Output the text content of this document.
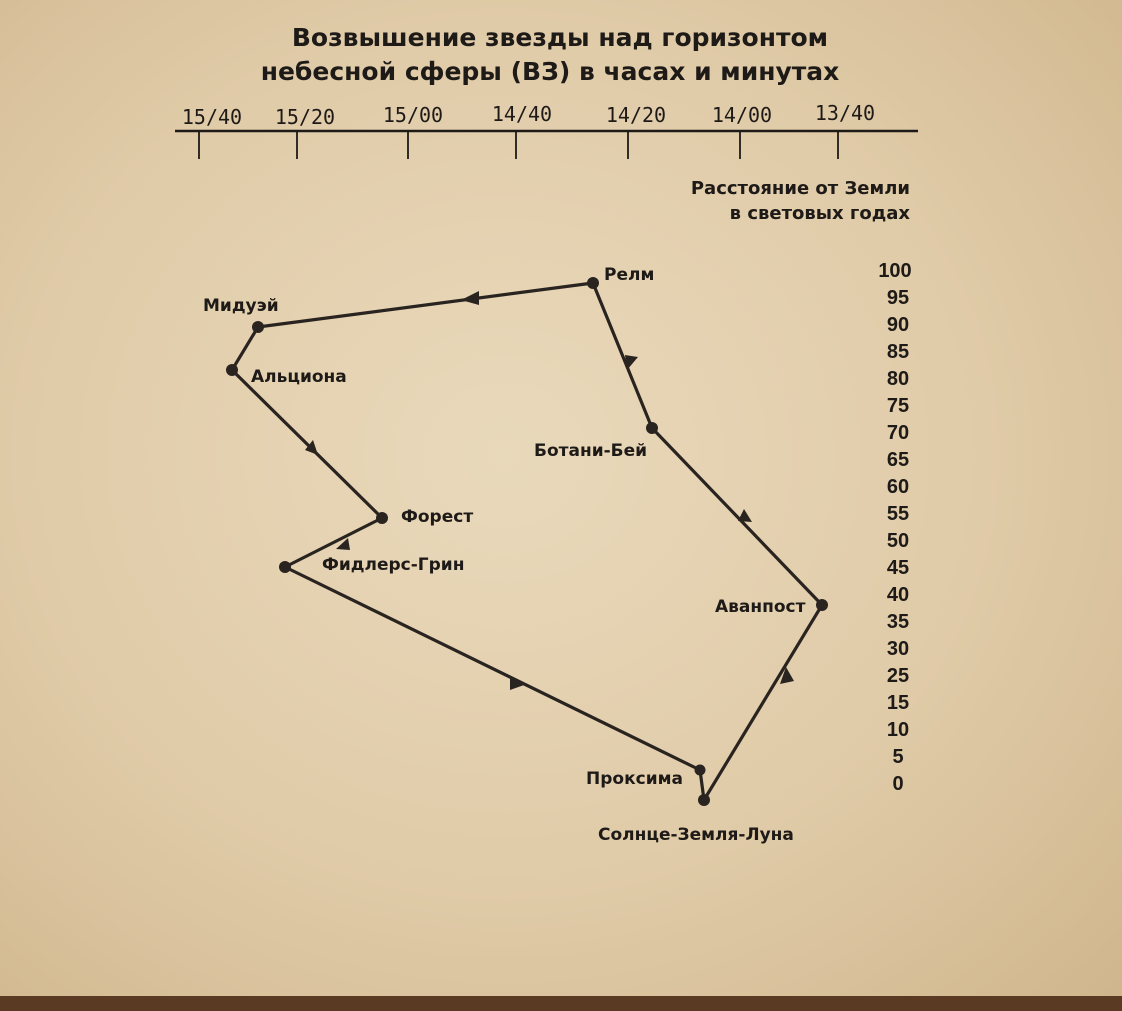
Возвышение звезды над горизонтом
небесной сферы (ВЗ) в часах и минутах
15/40 15/20 15/00 14/40	14/20 14/00 13/40
Расстояние от Земли
в световых годах
100
95
90
85
80
75
70
65
60
55
50
45
40
35
30
25
15
10
5
0
Солнце-Земля-Луна
Проксима
Аванпост
Ботани-Бей
Релм
Мидуэй
Альциона
Форест
Фидлерс-Грин
